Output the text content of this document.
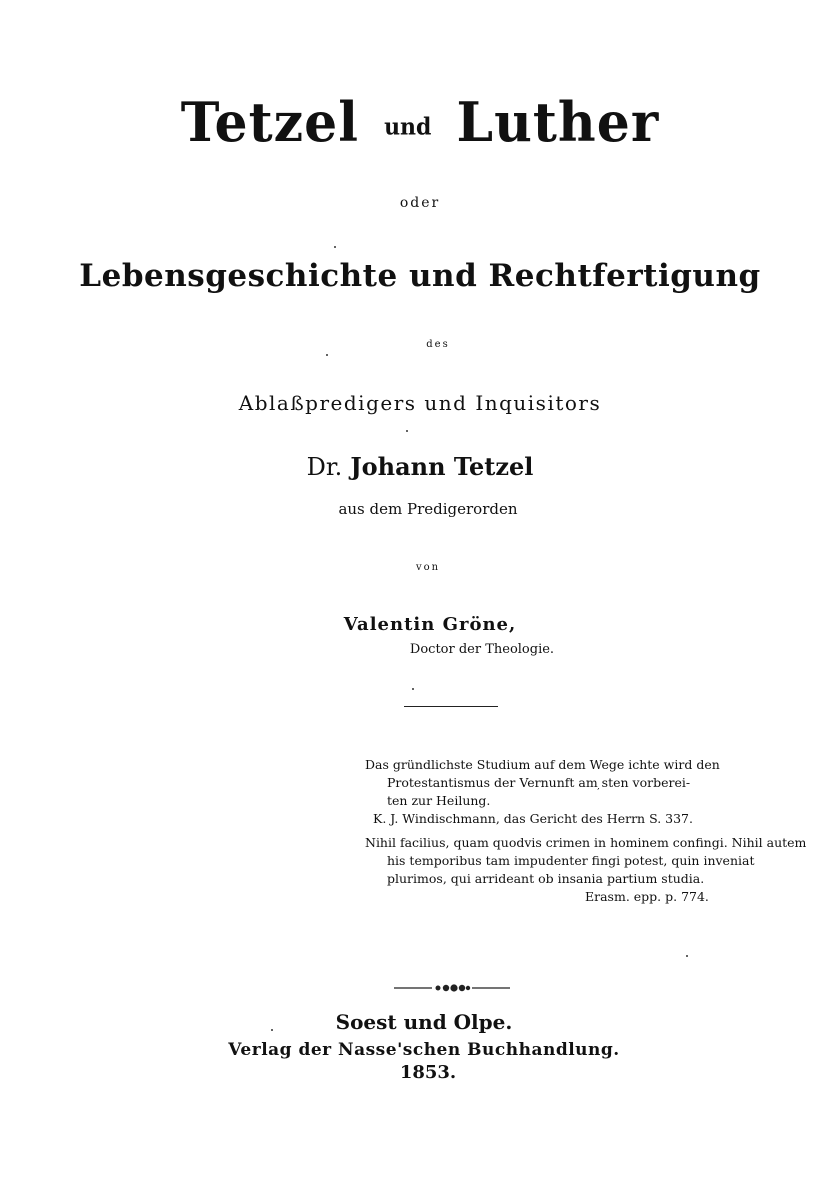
Tetzel und Luther
oder
Lebensgeschichte und Rechtfertigung
des
Ablaßpredigers und Inquisitors
Dr. Johann Tetzel
aus dem Predigerorden
von
Valentin Gröne,
Doctor der Theologie.
Das gründlichste Studium auf dem Wege ichte wird den
Protestantismus der Vernunft am ̦sten vorberei-
ten zur Heilung.
K. J. Windischmann, das Gericht des Herrn S. 337.
Nihil facilius, quam quodvis crimen in hominem confingi. Nihil autem
his temporibus tam impudenter fingi potest, quin inveniat
plurimos, qui arrideant ob insania partium studia.
Erasm. epp. p. 774.
Soest und Olpe.
Verlag der Nasse'schen Buchhandlung.
1853.
